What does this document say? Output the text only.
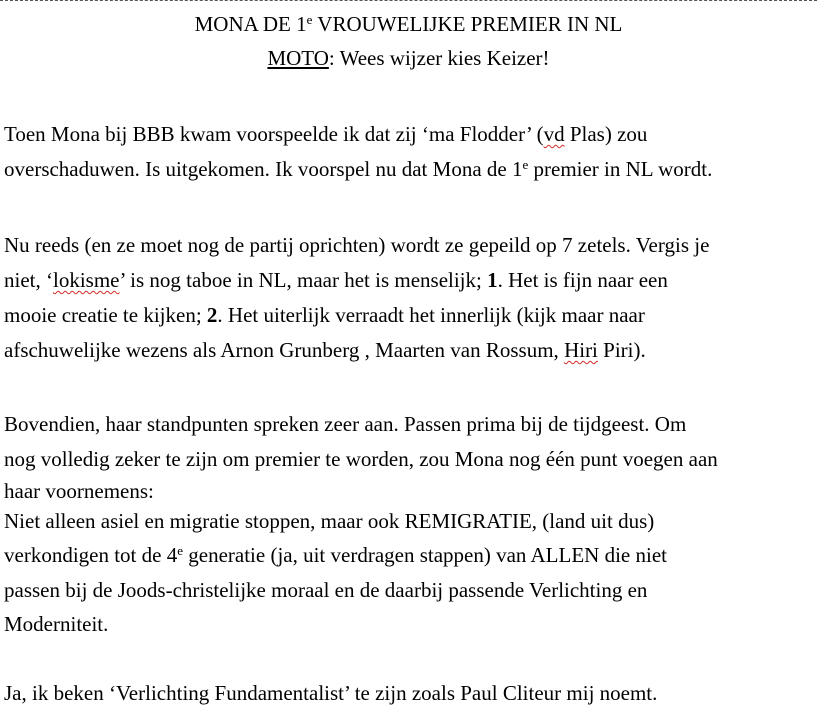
MONA DE 1e VROUWELIJKE PREMIER IN NL
MOTO: Wees wijzer kies Keizer!
Toen Mona bij BBB kwam voorspeelde ik dat zij ‘ma Flodder’ (vd Plas) zou
overschaduwen. Is uitgekomen. Ik voorspel nu dat Mona de 1e premier in NL wordt.
Nu reeds (en ze moet nog de partij oprichten) wordt ze gepeild op 7 zetels. Vergis je
niet, ‘lokisme’ is nog taboe in NL, maar het is menselijk; 1. Het is fijn naar een
mooie creatie te kijken; 2. Het uiterlijk verraadt het innerlijk (kijk maar naar
afschuwelijke wezens als Arnon Grunberg , Maarten van Rossum, Hiri Piri).
Bovendien, haar standpunten spreken zeer aan. Passen prima bij de tijdgeest. Om
nog volledig zeker te zijn om premier te worden, zou Mona nog één punt voegen aan
haar voornemens:
Niet alleen asiel en migratie stoppen, maar ook REMIGRATIE, (land uit dus)
verkondigen tot de 4e generatie (ja, uit verdragen stappen) van ALLEN die niet
passen bij de Joods-christelijke moraal en de daarbij passende Verlichting en
Moderniteit.
Ja, ik beken ‘Verlichting Fundamentalist’ te zijn zoals Paul Cliteur mij noemt.
